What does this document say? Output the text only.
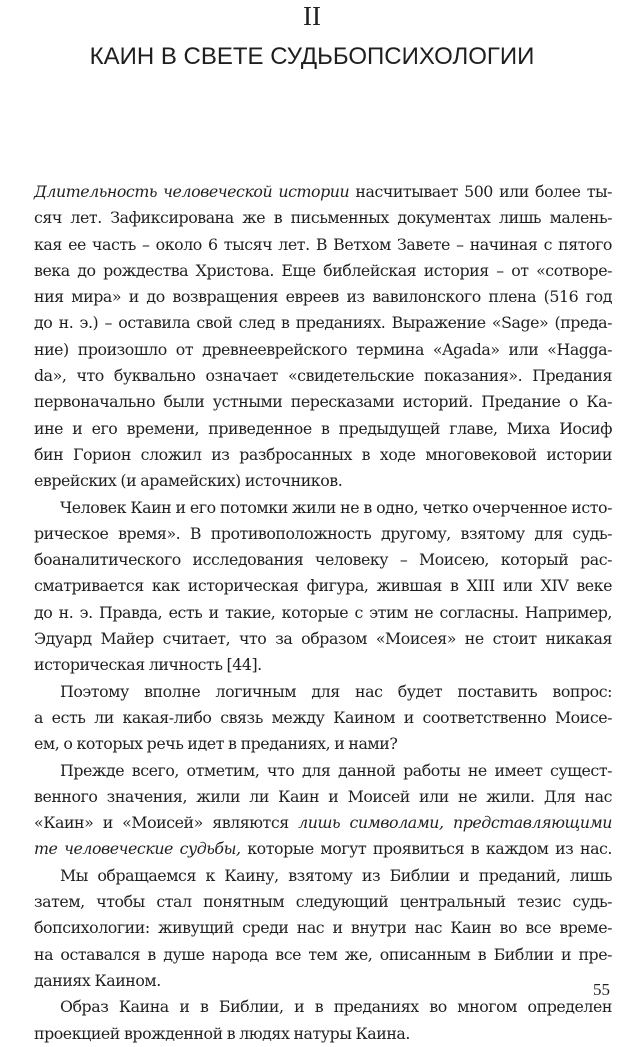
II
КАИН В СВЕТЕ СУДЬБОПСИХОЛОГИИ
Длительность человеческой истории насчитывает 500 или более ты-
сяч лет. Зафиксирована же в письменных документах лишь малень-
кая ее часть – около 6 тысяч лет. В Ветхом Завете – начиная с пятого
века до рождества Христова. Еще библейская история – от «сотворе-
ния мира» и до возвращения евреев из вавилонского плена (516 год
до н. э.) – оставила свой след в преданиях. Выражение «Sage» (преда-
ние) произошло от древнееврейского термина «Agada» или «Hagga-
da», что буквально означает «свидетельские показания». Предания
первоначально были устными пересказами историй. Предание о Ка-
ине и его времени, приведенное в предыдущей главе, Миха Иосиф
бин Горион сложил из разбросанных в ходе многовековой истории
еврейских (и арамейских) источников.
Человек Каин и его потомки жили не в одно, четко очерченное исто-
рическое время». В противоположность другому, взятому для судь-
боаналитического исследования человеку – Моисею, который рас-
сматривается как историческая фигура, жившая в XIII или XIV веке
до н. э. Правда, есть и такие, которые с этим не согласны. Например,
Эдуард Майер считает, что за образом «Моисея» не стоит никакая
историческая личность [44].
Поэтому вполне логичным для нас будет поставить вопрос:
а есть ли какая-либо связь между Каином и соответственно Моисе-
ем, о которых речь идет в преданиях, и нами?
Прежде всего, отметим, что для данной работы не имеет сущест-
венного значения, жили ли Каин и Моисей или не жили. Для нас
«Каин» и «Моисей» являются лишь символами, представляющими
те человеческие судьбы, которые могут проявиться в каждом из нас.
Мы обращаемся к Каину, взятому из Библии и преданий, лишь
затем, чтобы стал понятным следующий центральный тезис судь-
бопсихологии: живущий среди нас и внутри нас Каин во все време-
на оставался в душе народа все тем же, описанным в Библии и пре-
даниях Каином.
Образ Каина и в Библии, и в преданиях во многом определен
проекцией врожденной в людях натуры Каина.
55
